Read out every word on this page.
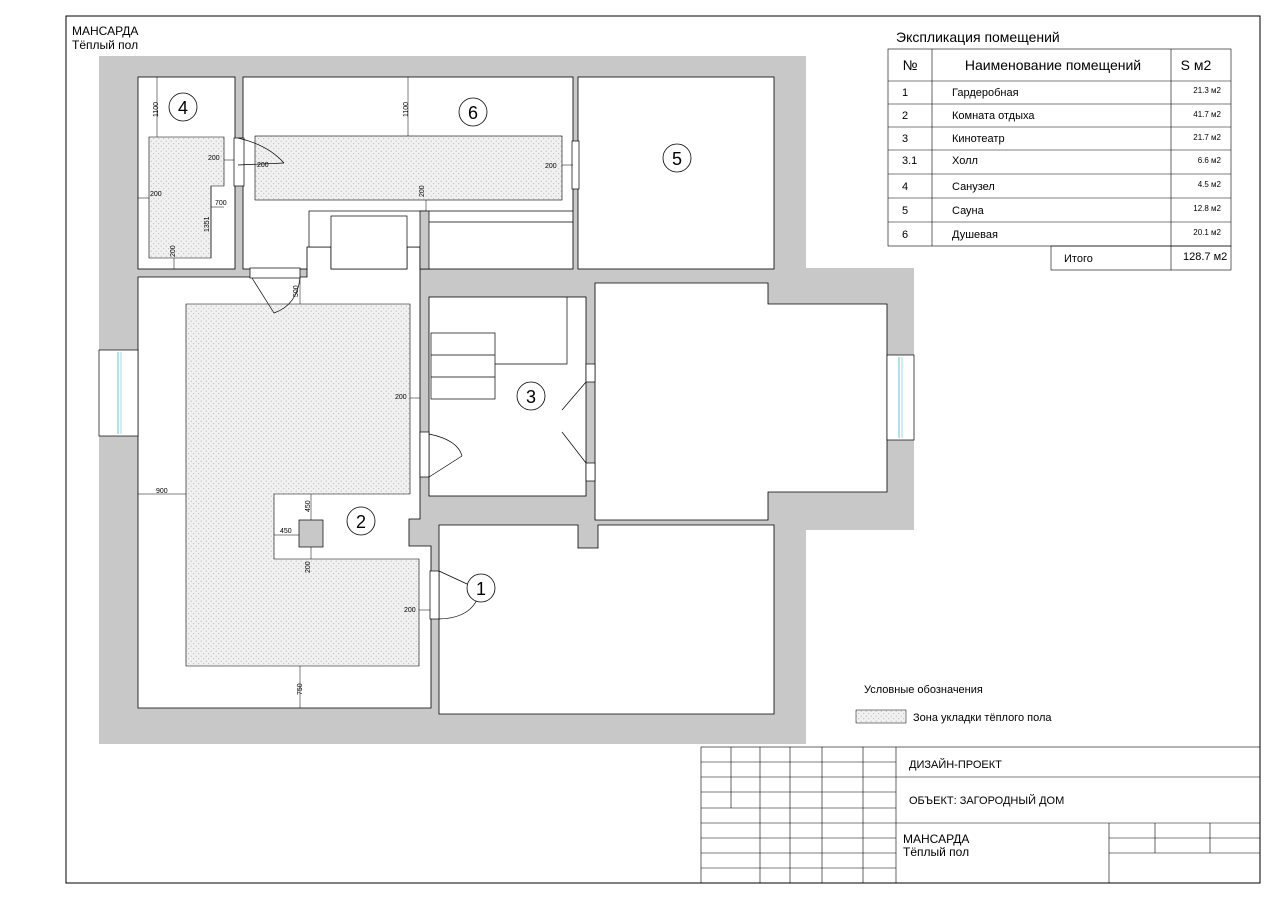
МАНСАРДА
Тёплый пол
1100	1100
200
200
200
700
1351
200
200
200
500
200
900
450
450
200
200
750
4	6
5
3
2
1
Экспликация помещений
№	Наименование помещений	S м2
1	Гардеробная	21.3 м2
2	Комната отдыха	41.7 м2
3	Кинотеатр	21.7 м2
3.1	Холл	6.6 м2
4	Санузел	4.5 м2
5	Сауна	12.8 м2
6	Душевая	20.1 м2
Итого	128.7 м2
Условные обозначения
Зона укладки тёплого пола
ДИЗАЙН-ПРОЕКТ
ОБЪЕКТ: ЗАГОРОДНЫЙ ДОМ
МАНСАРДА
Тёплый пол
